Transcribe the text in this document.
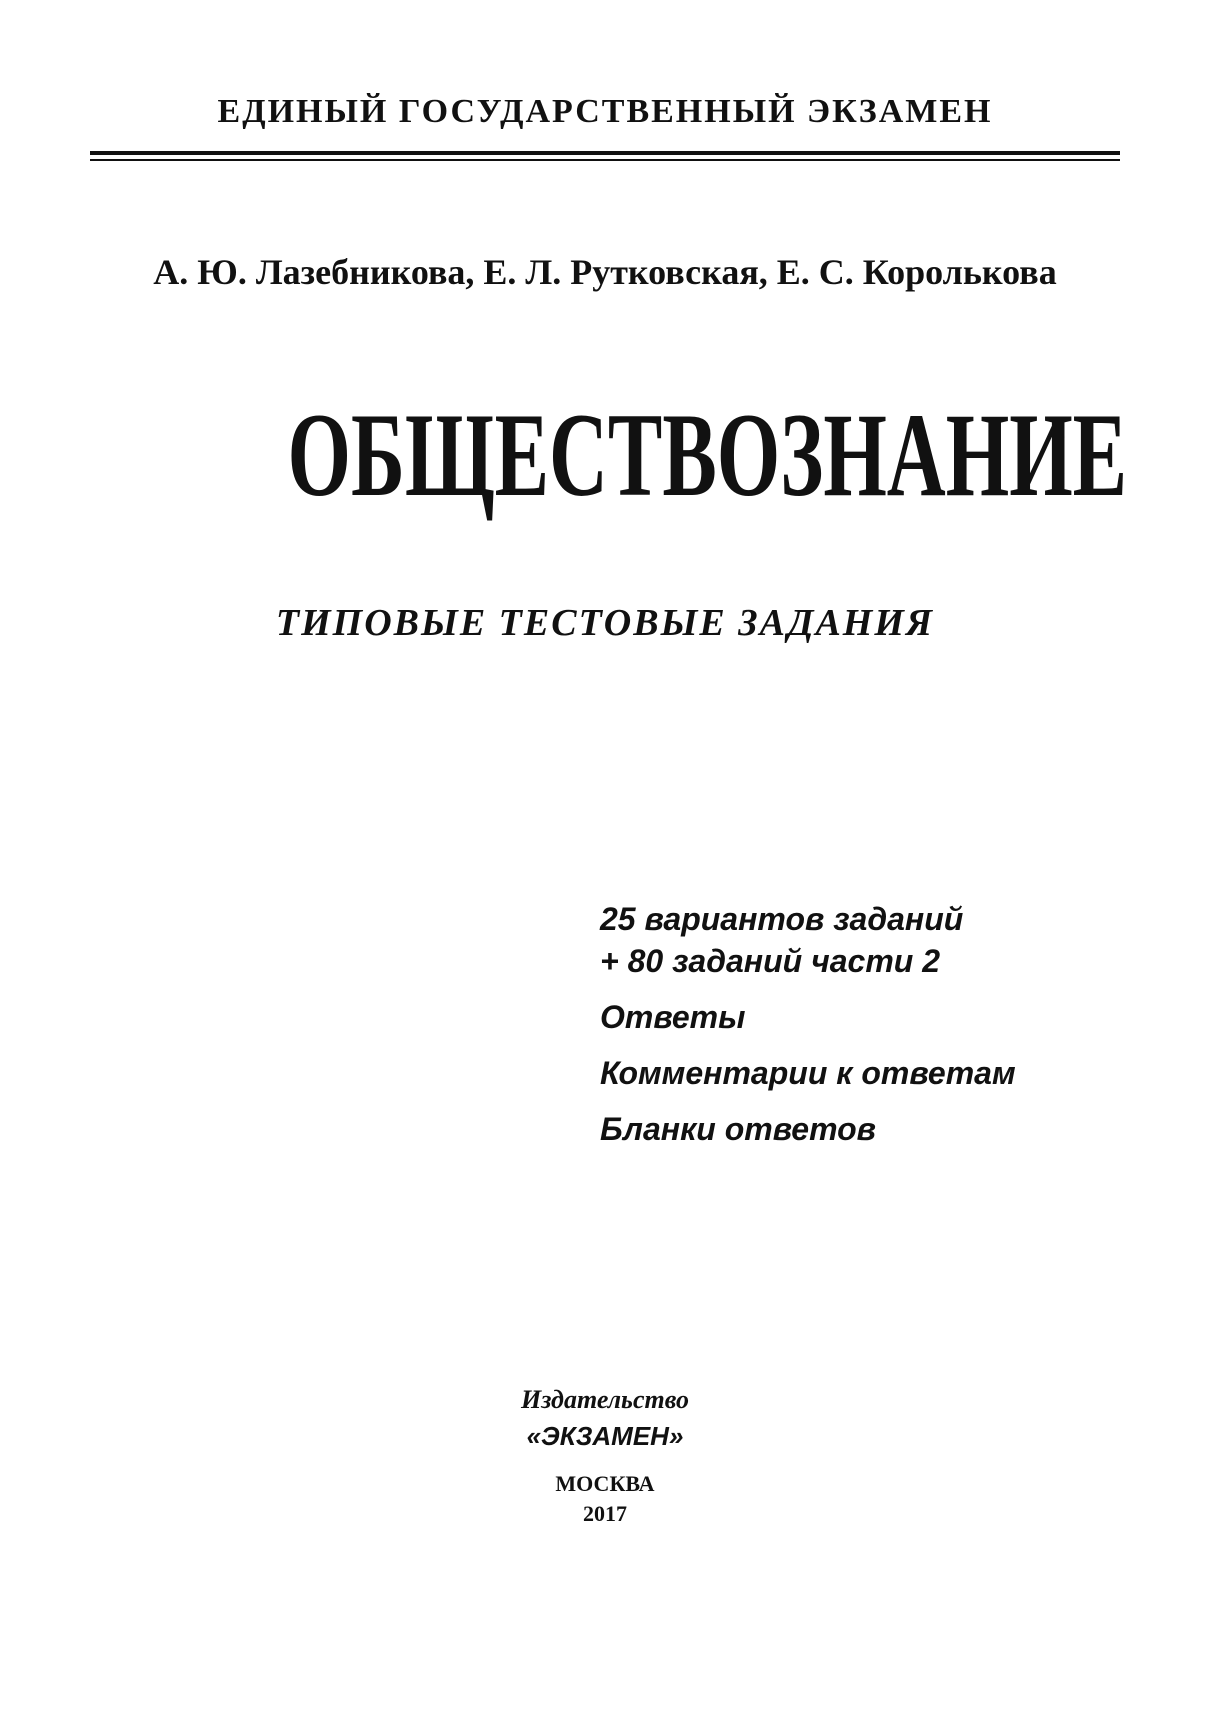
ЕДИНЫЙ ГОСУДАРСТВЕННЫЙ ЭКЗАМЕН
А. Ю. Лазебникова, Е. Л. Рутковская, Е. С. Королькова
ОБЩЕСТВОЗНАНИЕ
ТИПОВЫЕ ТЕСТОВЫЕ ЗАДАНИЯ
25 вариантов заданий
+ 80 заданий части 2
Ответы
Комментарии к ответам
Бланки ответов
Издательство
«ЭКЗАМЕН»
МОСКВА
2017
